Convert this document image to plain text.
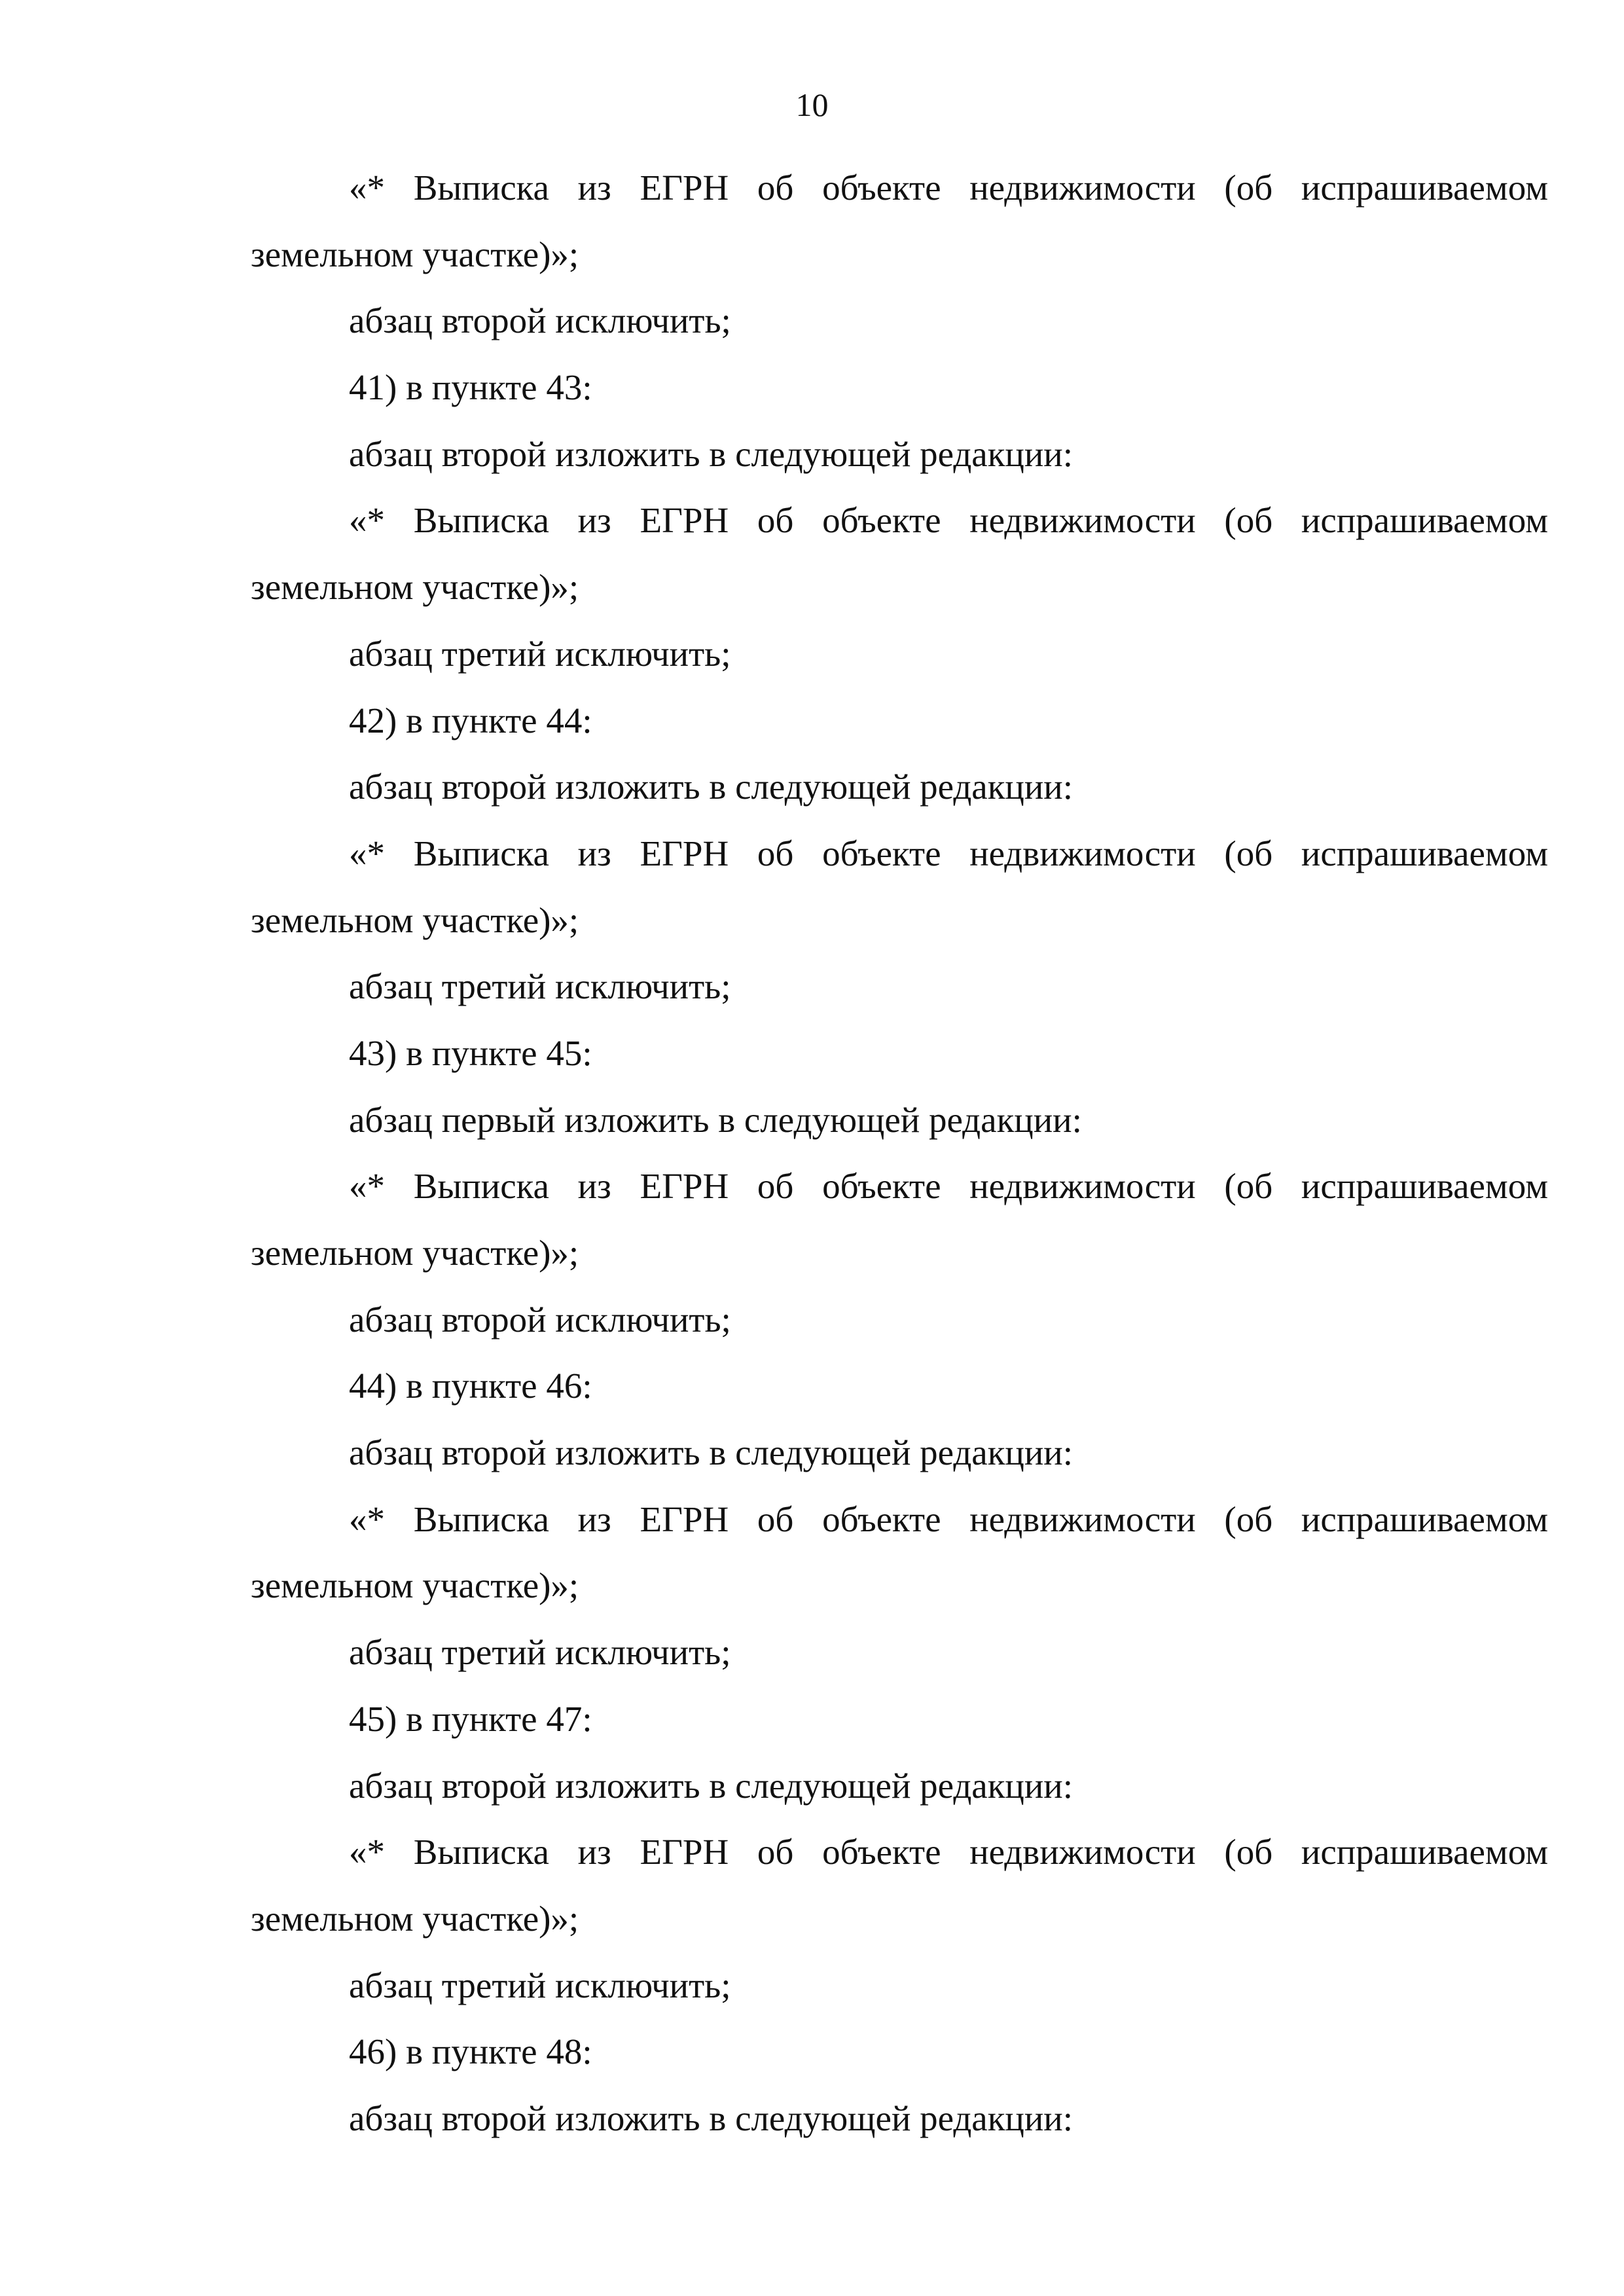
10

«* Выписка из ЕГРН об объекте недвижимости (об испрашиваемом

земельном участке)»;

абзац второй исключить;

41) в пункте 43:

абзац второй изложить в следующей редакции:

«* Выписка из ЕГРН об объекте недвижимости (об испрашиваемом

земельном участке)»;

абзац третий исключить;

42) в пункте 44:

абзац второй изложить в следующей редакции:

«* Выписка из ЕГРН об объекте недвижимости (об испрашиваемом

земельном участке)»;

абзац третий исключить;

43) в пункте 45:

абзац первый изложить в следующей редакции:

«* Выписка из ЕГРН об объекте недвижимости (об испрашиваемом

земельном участке)»;

абзац второй исключить;

44) в пункте 46:

абзац второй изложить в следующей редакции:

«* Выписка из ЕГРН об объекте недвижимости (об испрашиваемом

земельном участке)»;

абзац третий исключить;

45) в пункте 47:

абзац второй изложить в следующей редакции:

«* Выписка из ЕГРН об объекте недвижимости (об испрашиваемом

земельном участке)»;

абзац третий исключить;

46) в пункте 48:

абзац второй изложить в следующей редакции:
